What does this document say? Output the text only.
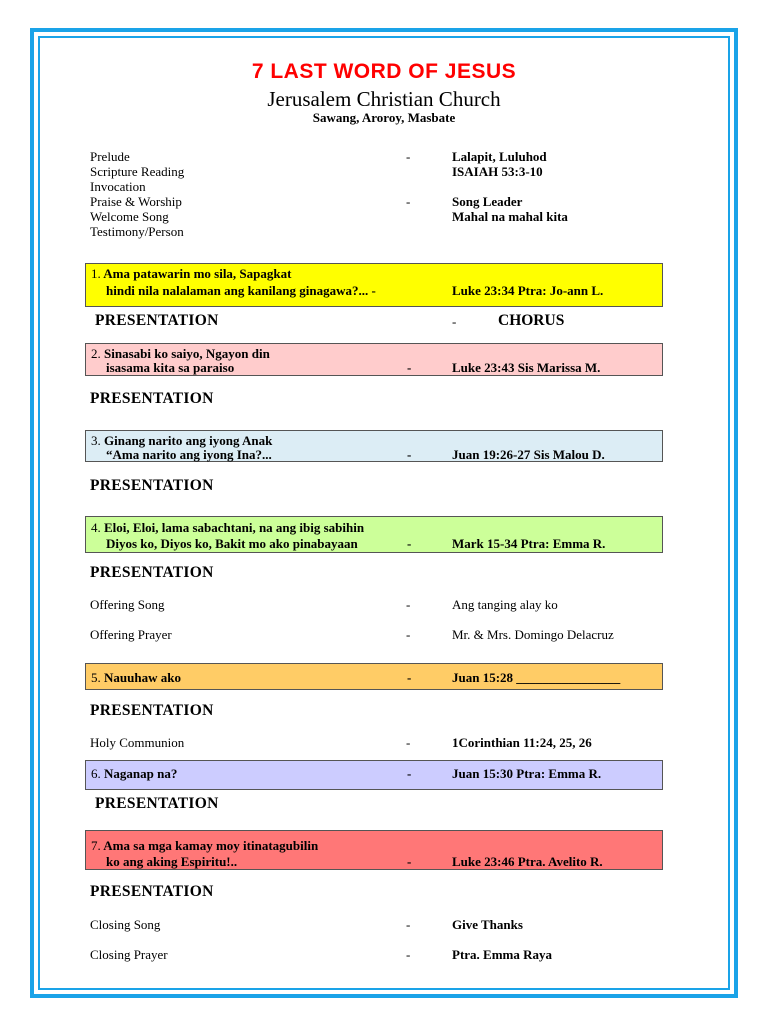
7 LAST WORD OF JESUS
Jerusalem Christian Church
Sawang, Aroroy, Masbate
Prelude	-	Lalapit, Luluhod
Scripture Reading	ISAIAH 53:3-10
Invocation
Praise & Worship	-	Song Leader
Welcome Song	Mahal na mahal kita
Testimony/Person
1. Ama patawarin mo sila, Sapagkat
hindi nila nalalaman ang kanilang ginagawa?... -	Luke 23:34 Ptra: Jo-ann L.
PRESENTATION	-	CHORUS
2. Sinasabi ko saiyo, Ngayon din
isasama kita sa paraiso	-	Luke 23:43 Sis Marissa M.
PRESENTATION
3. Ginang narito ang iyong Anak
“Ama narito ang iyong Ina?...	-	Juan 19:26-27 Sis Malou D.
PRESENTATION
4. Eloi, Eloi, lama sabachtani, na ang ibig sabihin
Diyos ko, Diyos ko, Bakit mo ako pinabayaan	-	Mark 15-34 Ptra: Emma R.
PRESENTATION
Offering Song	-	Ang tanging alay ko
Offering Prayer	-	Mr. & Mrs. Domingo Delacruz
5. Nauuhaw ako	-	Juan 15:28 ________________
PRESENTATION
Holy Communion	-	1Corinthian 11:24, 25, 26
6. Naganap na?	-	Juan 15:30 Ptra: Emma R.
PRESENTATION
7. Ama sa mga kamay moy itinatagubilin
ko ang aking Espiritu!..	-	Luke 23:46 Ptra. Avelito R.
PRESENTATION
Closing Song	-	Give Thanks
Closing Prayer	-	Ptra. Emma Raya
